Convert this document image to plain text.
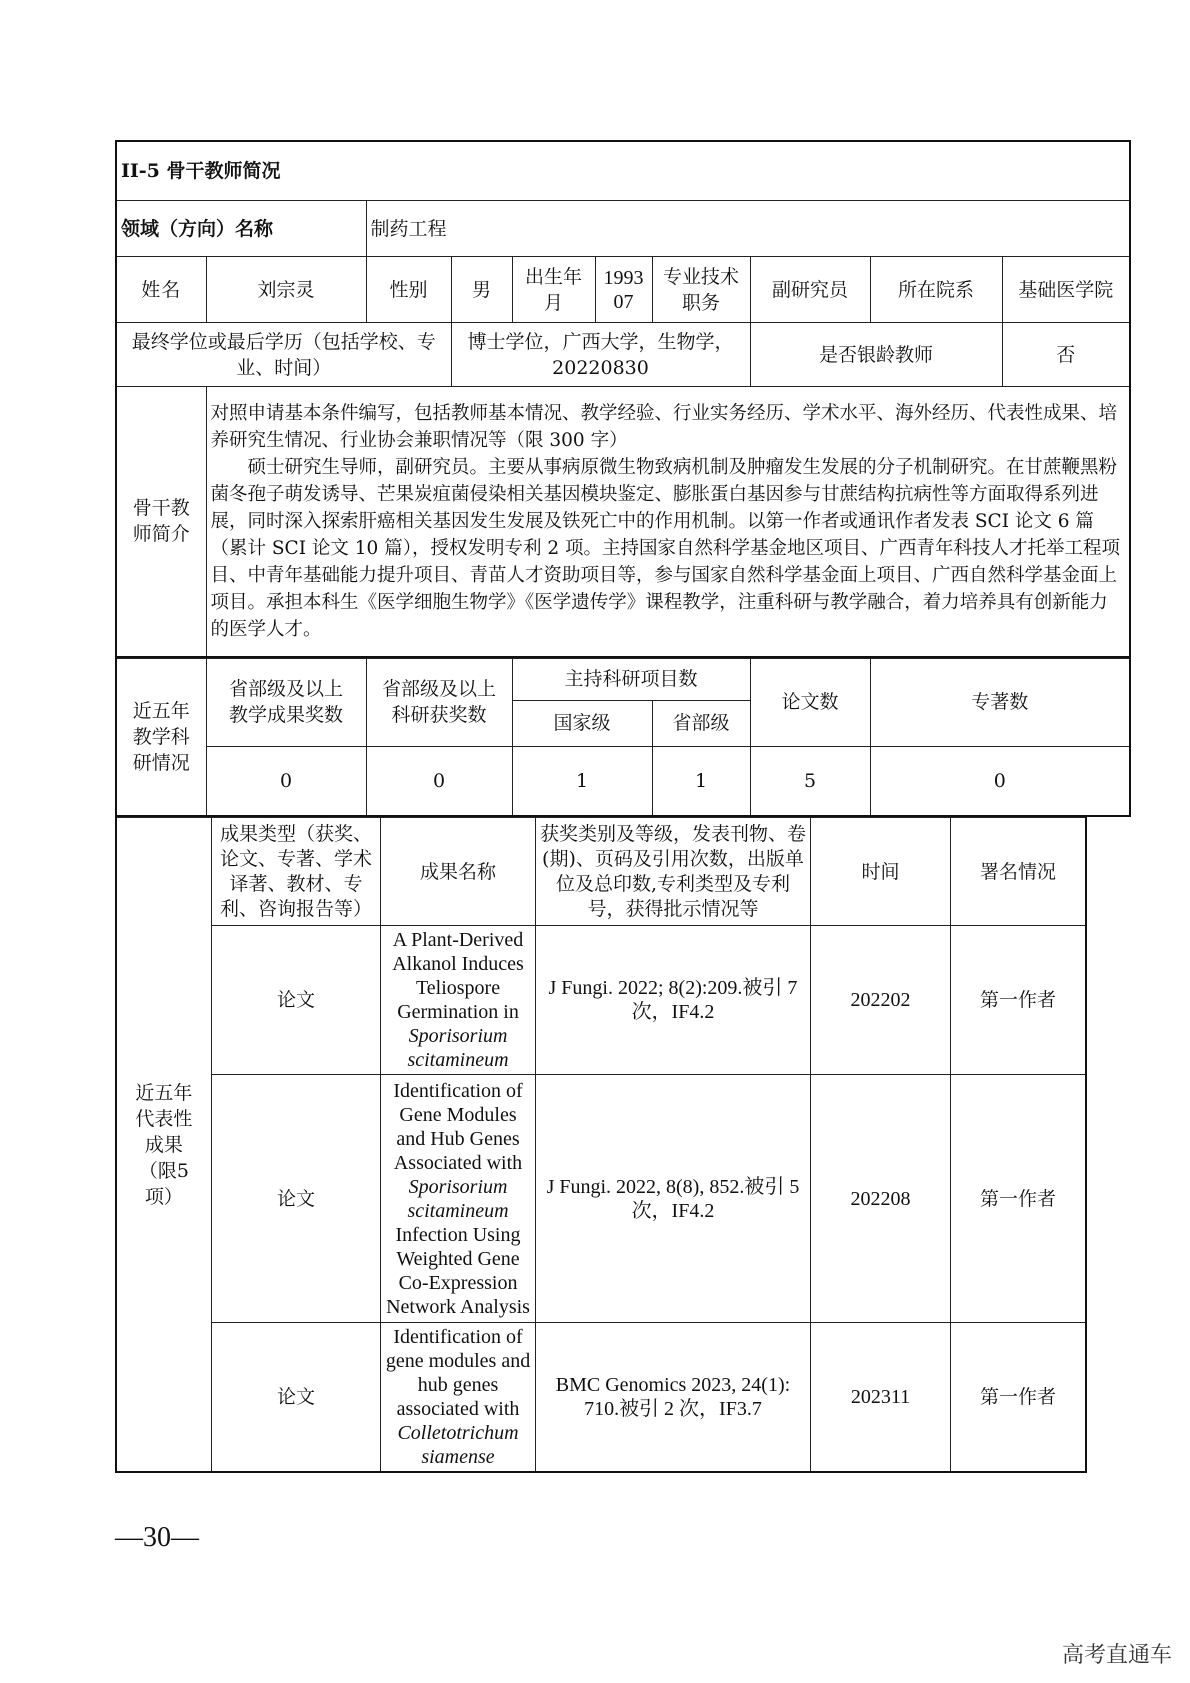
II-5 骨干教师简况									
领域（方向）名称		制药工程							
姓名	刘宗灵	性别	男	出生年月	1993 07	专业技术职务	副研究员	所在院系	基础医学院
最终学位或最后学历（包括学校、专业、时间）			博士学位，广西大学，生物学，20220830				是否银龄教师		否
骨干教师简介	对照申请基本条件编写，包括教师基本情况、教学经验、行业实务经历、学术水平、海外经历、代表性成果、培养研究生情况、行业协会兼职情况等（限 300 字）

硕士研究生导师，副研究员。主要从事病原微生物致病机制及肿瘤发生发展的分子机制研究。在甘蔗鞭黑粉菌冬孢子萌发诱导、芒果炭疽菌侵染相关基因模块鉴定、膨胀蛋白基因参与甘蔗结构抗病性等方面取得系列进展，同时深入探索肝癌相关基因发生发展及铁死亡中的作用机制。以第一作者或通讯作者发表 SCI 论文 6 篇（累计 SCI 论文 10 篇），授权发明专利 2 项。主持国家自然科学基金地区项目、广西青年科技人才托举工程项目、中青年基础能力提升项目、青苗人才资助项目等，参与国家自然科学基金面上项目、广西自然科学基金面上项目。承担本科生《医学细胞生物学》《医学遗传学》课程教学，注重科研与教学融合，着力培养具有创新能力的医学人才。								

近五年教学科研情况	省部级及以上教学成果奖数	省部级及以上科研获奖数	主持科研项目数		论文数	专著数
			国家级	省部级		
	0	0	1	1	5	0
近五年代表性成果（限5项）	成果类型（获奖、论文、专著、学术译著、教材、专利、咨询报告等）	成果名称	获奖类别及等级，发表刊物、卷(期)、页码及引用次数，出版单位及总印数,专利类型及专利号，获得批示情况等	时间	署名情况
	论文	A Plant-Derived Alkanol Induces Teliospore Germination in Sporisorium scitamineum	J Fungi. 2022; 8(2):209.被引 7 次，IF4.2	202202	第一作者
	论文	Identification of Gene Modules and Hub Genes Associated with Sporisorium scitamineum Infection Using Weighted Gene Co-Expression Network Analysis	J Fungi. 2022, 8(8), 852.被引 5 次，IF4.2	202208	第一作者
	论文	Identification of gene modules and hub genes associated with Colletotrichum siamense	BMC Genomics 2023, 24(1): 710.被引 2 次，IF3.7	202311	第一作者
—30—
高考直通车
